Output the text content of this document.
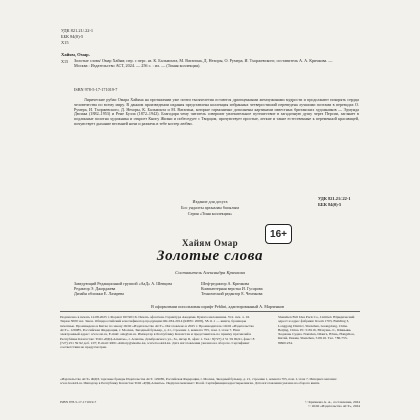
УДК 821.21/.22-1
ББК 84(0)-5
Х15
Хайям, Омар.
Золотые слова/ Омар Хайям; пер. с перс. яз. К. Бальмонта, М. Ватагина, Д. Нехоры, О. Румера, И. Тхоржевского; составитель А. А. Кричкова. — Москва : Издательство АСТ, 2024. — 256 с. : ил. — (Тиняя коллекция).
Х15
ISBN 978-5-17-171019-7
Лирические рубаи Омара Хайяма на протяжении уже почти тысячелетия остаются драгоценными жемчужинами мудрости и продолжают покорять сердца человечества по всему миру. В данном произведении издания представлена коллекция избранных четверостиший переведена лучшими поэтами в переводах О. Румера, И. Тхоржевского, Д. Нехоры, К. Бальмонта и М. Ватагина, которые гармонично дополнены картинами известных британских художников — Эдмунда Дюлака (1882–1953) и Рене Булла (1872–1942). Благодаря чему читатель совершит увлекательное путешествие в загадочную душу через Персии, заглянет в подлинные полотна художника и откроет Книгу Жизни и побеседует с Творцом, прочувствует простые, легкие и такие естественные к переменной красавицей, почувствует дыхание весенней ночи и разжечь в тебе костер любви.
УДК 821.21/.22-1
ББК 84(0)-5
Издание для досуга
Бос ундалты архыалан басылым
Серия «Тиня коллекция»
16+
Хайям Омар
Золотые слова
Составитель Александра Кричкова
Заведующий Редакционной группой «АаД» А. Шевцова
Редактор Э. Джорджева
Дизайн обложки Е. Лазарева
Шеф-редактор А. Кричкова
Компьютерная верстка И. Гусарова
Технический редактор Е. Чемчкова
В оформлении использован шрифт Peblini, адаптированный А. Марченков
Подписано в печать 12.08.2025 г. Формат 60×90/16. Печать офсетная. Гарнитура Академи. Бумага мелованная. Усл. печ. л. 16. Тираж 3000 экз. Заказ. Общероссийский классификатор продукции ОК-034-2014 (КПЕС 2008), 58.11.1 — книги, брошюры печатные. Произведено в Китае по заказу ООО «Издательство АСТ». Изготовлено в 2025 г. Производитель: ООО «Издательство АСТ». 129085, Российская Федерация, г. Москва, Звездный бульвар, д. 21, строение 1, комната 705, пом. I, этаж 7. Наш электронный адрес: www.ast.ru, E-mail: ask@ast.ru. Импортер в Республику Казахстан и представитель по приему претензий в Республике Казахстан: ТОО «РДЦ-Алматы», г. Алматы, Домбровского ул., 3а, литер Б, офис 1. Тел.: 8(727) 2 51 59 90,91, факс: 8 (727) 251 59 92 доб. 107; E-mail: RDC-Almaty@eksmo.kz, www.book24.kz. Дата изготовления указана на обороте. Сертификат соответствия не предусмотрен.
Shenzhen Full Idea Pack Co., Limited. Юридический адрест и адрес фабрики: Room 1703, Building 3, Longgang District, Shenzhen, Guangdong, China. Beijing, China. PC 518116, Юэхуань ст., Шиньянь Хеджань Суджа. Nanshan, Шанга, Юэнь, Hangzhou, Китай, Пекин, Shenzhen, 518116. Тел. +86-755-89901234.
«Издательство АСТ» ЖДИ, торговые бренды Издательства АСТ. 129085, Российская Федерация, г. Москва, Звездный бульвар, д. 21, строение 1, комната 705, пом. I, этаж 7. Интернет-магазин: www.book24.ru. Импортер в Республику Казахстан ТОО «РДЦ-Алматы». Өндірген мемлекет: Ресей. Сертификация қарастырылмаған. Дата изготовления указана на обороте книги.
ISBN 978-5-17-171019-7	© Кричкова А. А., составление, 2024
© ООО «Издательство АСТ», 2024
